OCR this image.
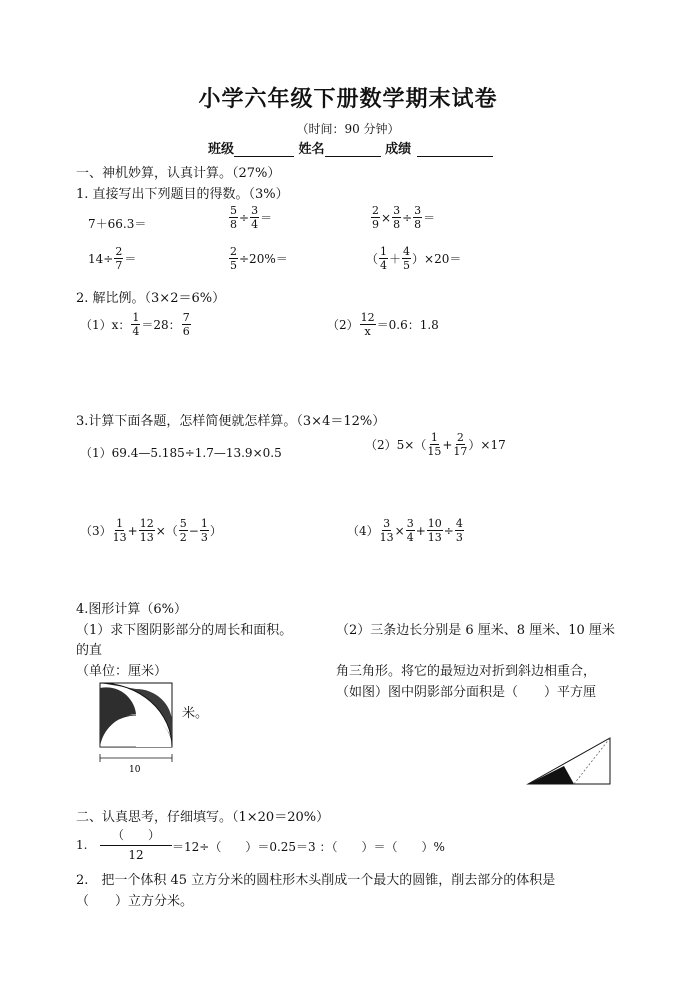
小学六年级下册数学期末试卷
（时间：90 分钟）
班级	姓名	成绩
一、神机妙算，认真计算。（27%）
1. 直接写出下列题目的得数。（3%）
7＋66.3＝	$\frac{5}{8} \div \frac{3}{4}$ ＝	$\frac{2}{9} \times \frac{3}{8} \div \frac{3}{8}$ ＝
$14\div \frac{2}{7}$ ＝	$\frac{2}{5} \div 20\%=$	（ $\frac{1}{4} + \frac{4}{5} )\times 20=$
2. 解比例。（3×2＝6%）
（1）x： $\frac{1}{4} =28$： $\frac{7}{6}$	$(2) \frac{12}{x} =0.6$：1.8
3.计算下面各题，怎样简便就怎样算。（3×4＝12%）
（1）69.4—5.185÷1.7—13.9×0.5
$(2)5\times( \frac{1}{15} + \frac{2}{17} )\times 17$
$(3) \frac{1}{13} + \frac{12}{13}$ ×（ $\frac{5}{2} - \frac{1}{3}$ ）	$(4) \frac{3}{13} \times \frac{3}{4} + \frac{10}{13} \div \frac{4}{3}$
4.图形计算（6%）
（1）求下图阴影部分的周长和面积。	（2）三条边长分别是 6 厘米、8 厘米、10 厘米
的直
（单位：厘米）	角三角形。将它的最短边对折到斜边相重合，
（如图）图中阴影部分面积是（　　）平方厘
米。
10
二、认真思考，仔细填写。（1×20＝20%）
1.
（　　）
12
＝12÷（　　）＝0.25＝3 ：（　　）＝（　　）%
2.　把一个体积 45 立方分米的圆柱形木头削成一个最大的圆锥，削去部分的体积是
（　　）立方分米。
